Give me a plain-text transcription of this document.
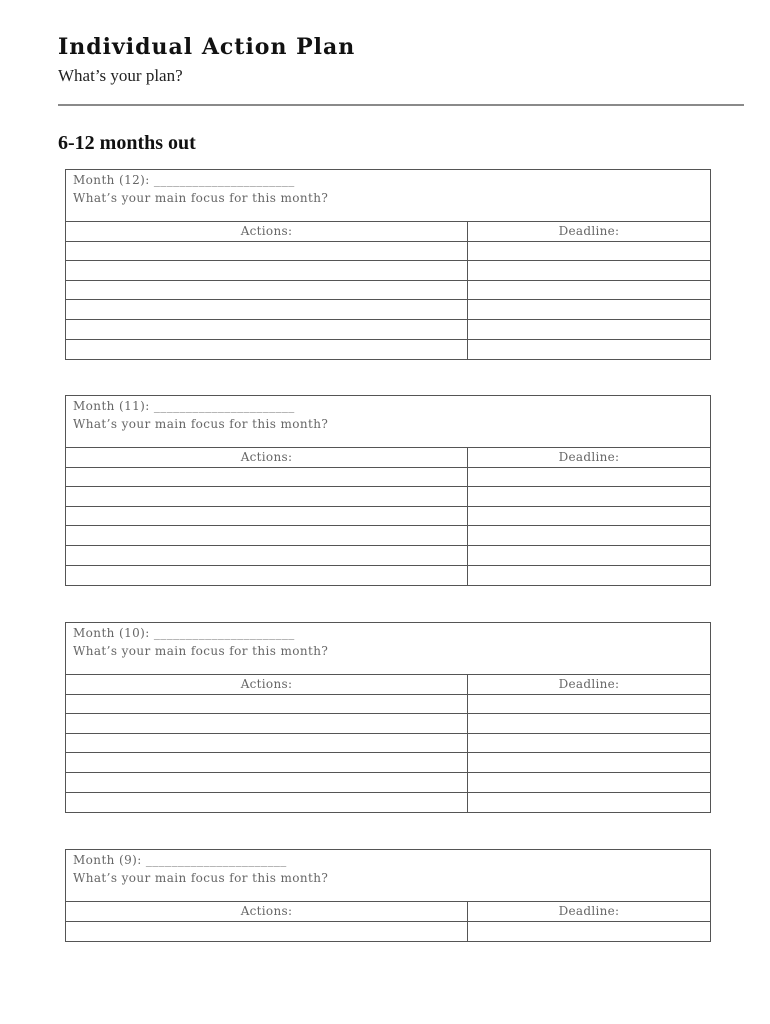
Individual Action Plan

What’s your plan?

6-12 months out
Month (12): ______________________
What’s your main focus for this month?
Actions:	Deadline:
Month (11): ______________________
What’s your main focus for this month?
Actions:	Deadline:
Month (10): ______________________
What’s your main focus for this month?
Actions:	Deadline:
Month (9): ______________________
What’s your main focus for this month?
Actions:	Deadline:
